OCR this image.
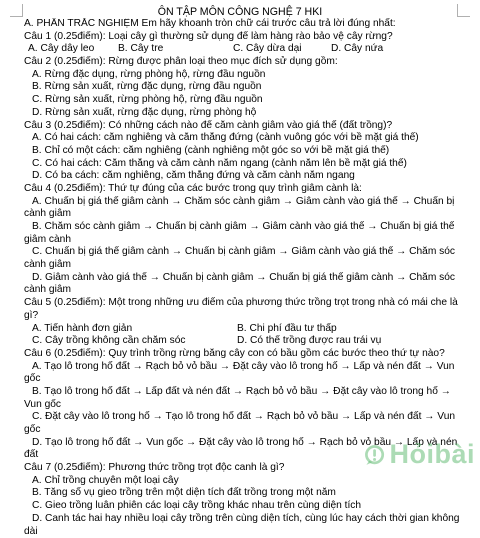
ÔN TẬP MÔN CÔNG NGHỆ 7 HKI
A. PHẦN TRẮC NGHIỆM Em hãy khoanh tròn chữ cái trước câu trả lời đúng nhất:
Câu 1 (0.25điểm): Loại cây gì thường sử dụng để làm hàng rào bảo vệ cây rừng?
A. Cây dây leo B. Cây tre	C. Cây dừa dại	D. Cây nứa
Câu 2 (0.25điểm): Rừng được phân loại theo mục đích sử dụng gồm:
A. Rừng đặc dụng, rừng phòng hộ, rừng đầu nguồn
B. Rừng sản xuất, rừng đặc dụng, rừng đầu nguồn
C. Rừng sản xuất, rừng phòng hộ, rừng đầu nguồn
D. Rừng sản xuất, rừng đặc dụng, rừng phòng hộ
Câu 3 (0.25điểm): Có những cách nào để cắm cành giâm vào giá thể (đất trồng)?
A. Có hai cách: cắm nghiêng và cắm thẳng đứng (cành vuông góc với bề mặt giá thể)
B. Chỉ có một cách: cắm nghiêng (cành nghiêng một góc so với bề mặt giá thể)
C. Có hai cách: Cắm thẳng và cắm cành nằm ngang (cành nằm lên bề mặt giá thể)
D. Có ba cách: cắm nghiêng, cắm thẳng đứng và cắm cành nằm ngang
Câu 4 (0.25điểm): Thứ tự đúng của các bước trong quy trình giâm cành là:
A. Chuẩn bị giá thể giâm cành → Chăm sóc cành giâm → Giâm cành vào giá thể → Chuẩn bị
cành giâm
B. Chăm sóc cành giâm → Chuẩn bị cành giâm → Giâm cành vào giá thể → Chuẩn bị giá thể
giâm cành
C. Chuẩn bị giá thể giâm cành → Chuẩn bị cành giâm → Giâm cành vào giá thể → Chăm sóc
cành giâm
D. Giâm cành vào giá thể → Chuẩn bị cành giâm → Chuẩn bị giá thể giâm cành → Chăm sóc
cành giâm
Câu 5 (0.25điểm): Một trong những ưu điểm của phương thức trồng trọt trong nhà có mái che là
gì?
A. Tiến hành đơn giản	B. Chi phí đầu tư thấp
C. Cây trồng không cần chăm sóc	D. Có thể trồng được rau trái vụ
Câu 6 (0.25điểm): Quy trình trồng rừng bằng cây con có bầu gồm các bước theo thứ tự nào?
A. Tạo lỗ trong hố đất → Rạch bỏ vỏ bầu → Đặt cây vào lỗ trong hố → Lấp và nén đất → Vun
gốc
B. Tạo lỗ trong hố đất → Lấp đất và nén đất → Rạch bỏ vỏ bầu → Đặt cây vào lỗ trong hố →
Vun gốc
C. Đặt cây vào lỗ trong hố → Tạo lỗ trong hố đất → Rạch bỏ vỏ bầu → Lấp và nén đất → Vun
gốc
D. Tạo lỗ trong hố đất → Vun gốc → Đặt cây vào lỗ trong hố → Rạch bỏ vỏ bầu → Lấp và nén
đất
Câu 7 (0.25điểm): Phương thức trồng trọt độc canh là gì?
A. Chỉ trồng chuyên một loại cây
B. Tăng số vụ gieo trồng trên một diện tích đất trồng trong một năm
C. Gieo trồng luân phiên các loại cây trồng khác nhau trên cùng diện tích
D. Canh tác hai hay nhiều loại cây trồng trên cùng diện tích, cùng lúc hay cách thời gian không
dài
Hỏibài
